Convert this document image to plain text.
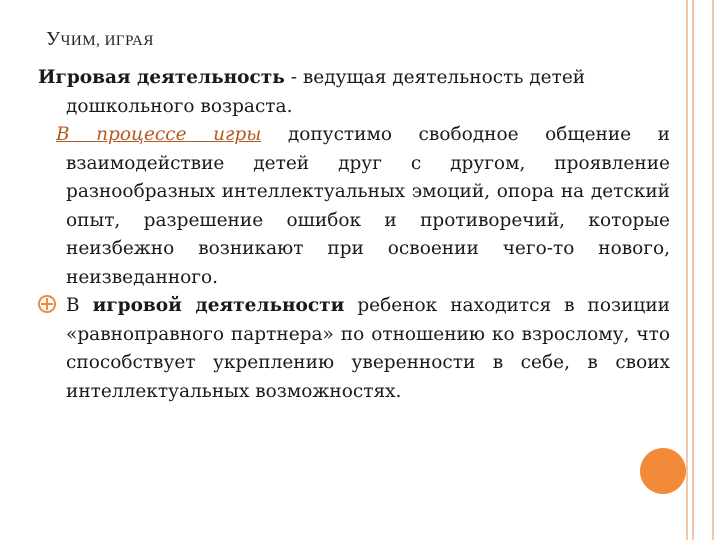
УЧИМ, ИГРАЯ

Игровая деятельность - ведущая деятельность детей дошкольного возраста.

В процессе игры допустимо свободное общение и взаимодействие детей друг с другом, проявление разнообразных интеллектуальных эмоций, опора на детский опыт, разрешение ошибок и противоречий, которые неизбежно возникают при освоении чего-то нового, неизведанного.

В игровой деятельности ребенок находится в позиции «равноправного партнера» по отношению ко взрослому, что способствует укреплению уверенности в себе, в своих интеллектуальных возможностях.
